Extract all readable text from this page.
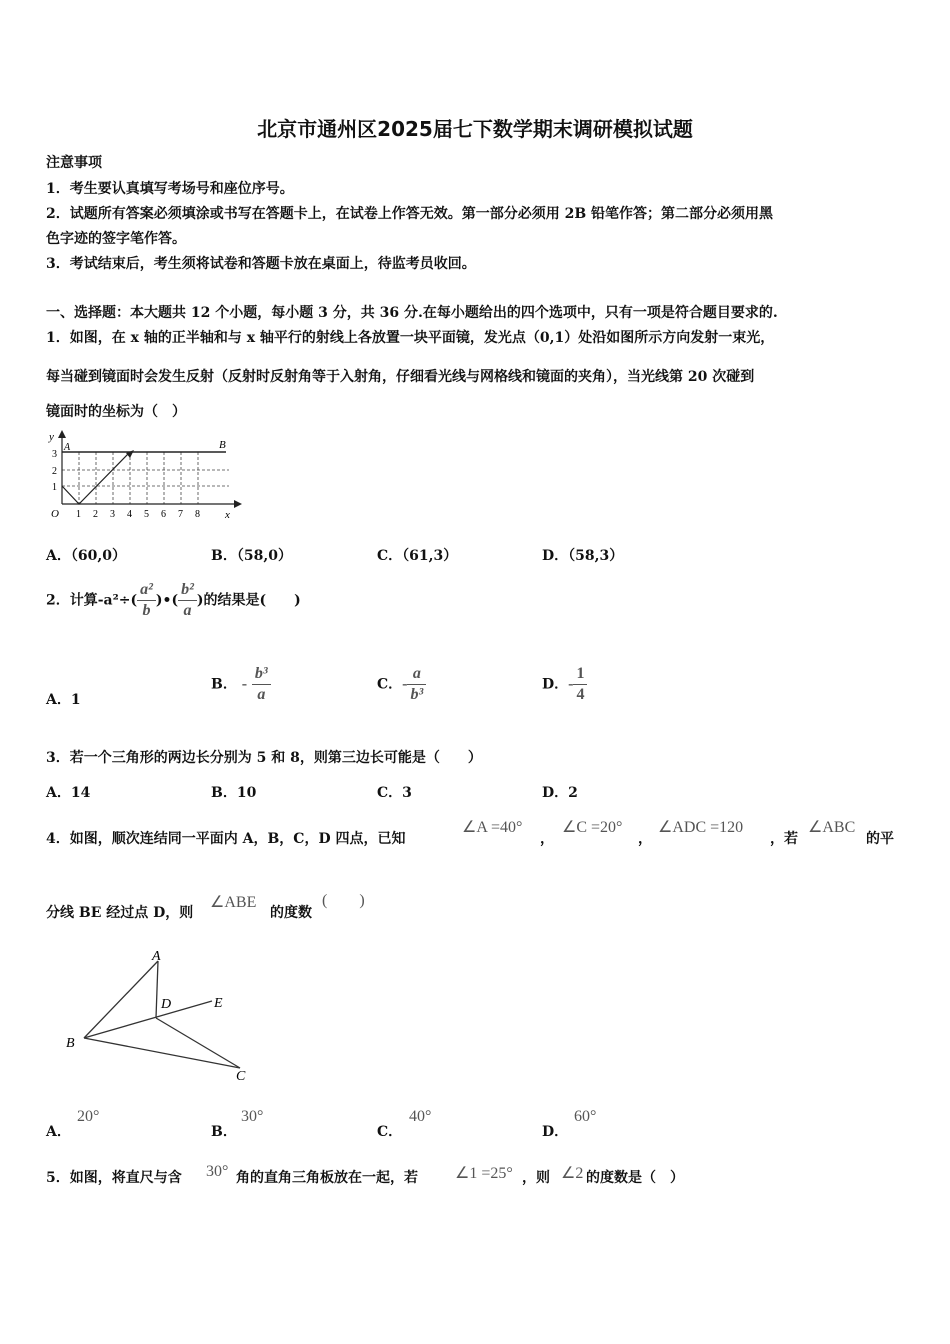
北京市通州区2025届七下数学期末调研模拟试题
注意事项
1．考生要认真填写考场号和座位序号。
2．试题所有答案必须填涂或书写在答题卡上，在试卷上作答无效。第一部分必须用 2B 铅笔作答；第二部分必须用黑
色字迹的签字笔作答。
3．考试结束后，考生须将试卷和答题卡放在桌面上，待监考员收回。
一、选择题：本大题共 12 个小题，每小题 3 分，共 36 分.在每小题给出的四个选项中，只有一项是符合题目要求的.
1．如图，在 x 轴的正半轴和与 x 轴平行的射线上各放置一块平面镜，发光点（0,1）处沿如图所示方向发射一束光，
每当碰到镜面时会发生反射（反射时反射角等于入射角，仔细看光线与网格线和镜面的夹角），当光线第 20 次碰到
镜面时的坐标为（　）
y
A	B
3
2
1
O 1 2 3 4 5 6 7 8 x
A．（60,0）	B．（58,0）	C．（61,3）	D．（58,3）
2．计算$-a^2\div( \frac{\text{a²}}{b}$ )•( $\frac{\text{b²}}{a}$ )的结果是(　　)
A．1
B． - $\frac{\text{b³}}{a}$	C．- $\frac{a}{\text{b³}}$	D．- $\frac{1}{4}$
3．若一个三角形的两边长分别为 5 和 8，则第三边长可能是（　　）
A．14	B．10	C．3	D．2
4．如图，顺次连结同一平面内 A，B，C，D 四点，已知
∠A =40°
，
∠C =20°
，
∠ADC =120
，若
∠ABC
的平
分线 BE 经过点 D，则
∠ABE
的度数
(　　)
A
B
C
D	E
A．
20°
B．
30°
C．
40°
D．
60°
5．如图，将直尺与含 30° 角的直角三角板放在一起，若 ∠1 =25° ，则 ∠2 的度数是（　）
